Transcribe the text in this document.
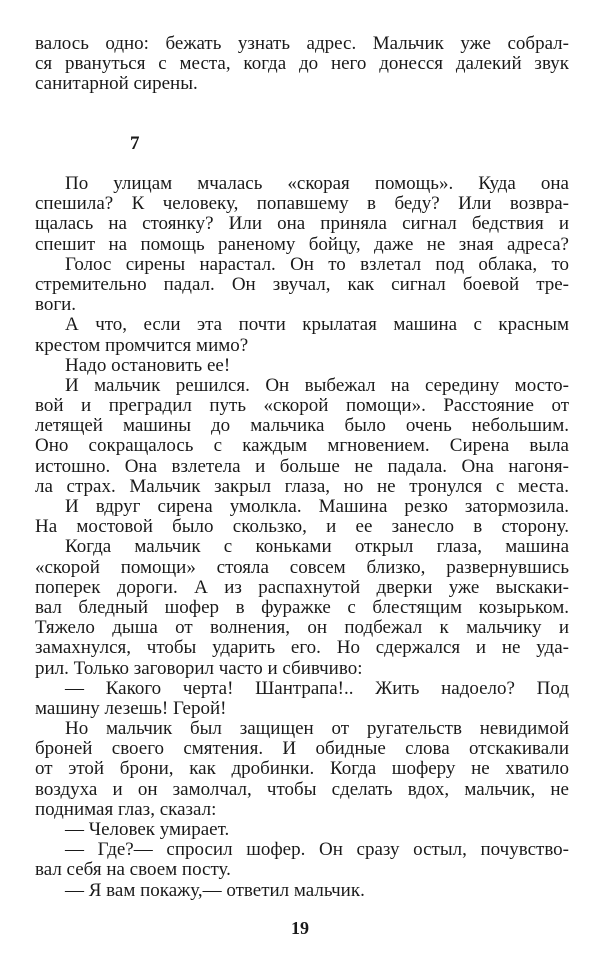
валось одно: бежать узнать адрес. Мальчик уже собрал-
ся рвануться с места, когда до него донесся далекий звук
санитарной сирены.
7
По улицам мчалась «скорая помощь». Куда она
спешила? К человеку, попавшему в беду? Или возвра-
щалась на стоянку? Или она приняла сигнал бедствия и
спешит на помощь раненому бойцу, даже не зная адреса?
Голос сирены нарастал. Он то взлетал под облака, то
стремительно падал. Он звучал, как сигнал боевой тре-
воги.
А что, если эта почти крылатая машина с красным
крестом промчится мимо?
Надо остановить ее!
И мальчик решился. Он выбежал на середину мосто-
вой и преградил путь «скорой помощи». Расстояние от
летящей машины до мальчика было очень небольшим.
Оно сокращалось с каждым мгновением. Сирена выла
истошно. Она взлетела и больше не падала. Она нагоня-
ла страх. Мальчик закрыл глаза, но не тронулся с места.
И вдруг сирена умолкла. Машина резко затормозила.
На мостовой было скользко, и ее занесло в сторону.
Когда мальчик с коньками открыл глаза, машина
«скорой помощи» стояла совсем близко, развернувшись
поперек дороги. А из распахнутой дверки уже выскаки-
вал бледный шофер в фуражке с блестящим козырьком.
Тяжело дыша от волнения, он подбежал к мальчику и
замахнулся, чтобы ударить его. Но сдержался и не уда-
рил. Только заговорил часто и сбивчиво:
— Какого черта! Шантрапа!.. Жить надоело? Под
машину лезешь! Герой!
Но мальчик был защищен от ругательств невидимой
броней своего смятения. И обидные слова отскакивали
от этой брони, как дробинки. Когда шоферу не хватило
воздуха и он замолчал, чтобы сделать вдох, мальчик, не
поднимая глаз, сказал:
— Человек умирает.
— Где?— спросил шофер. Он сразу остыл, почувство-
вал себя на своем посту.
— Я вам покажу,— ответил мальчик.
19
